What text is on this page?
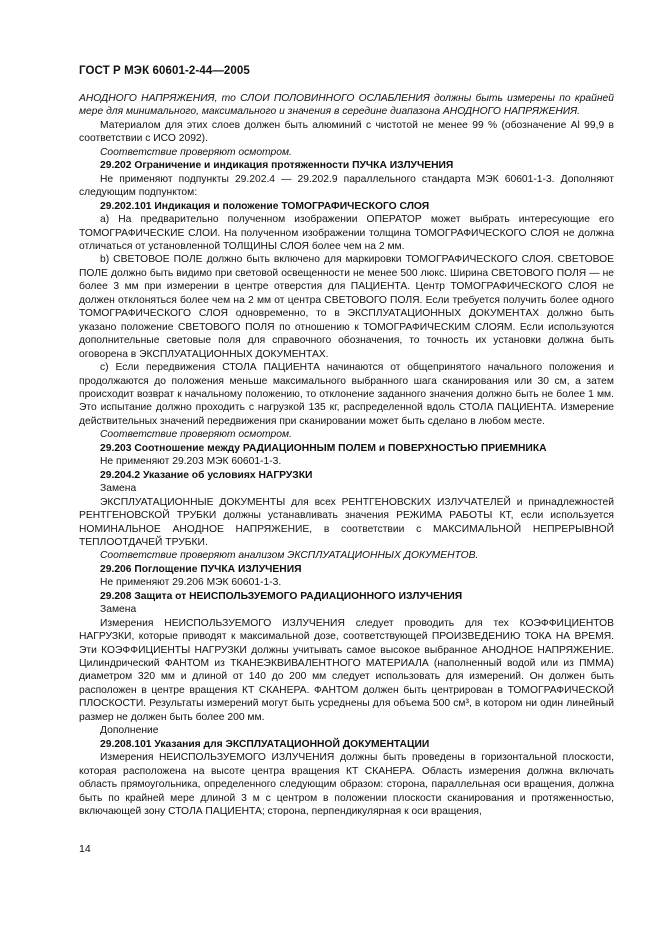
ГОСТ Р МЭК 60601-2-44—2005

АНОДНОГО НАПРЯЖЕНИЯ, то СЛОИ ПОЛОВИННОГО ОСЛАБЛЕНИЯ должны быть измерены по крайней мере для минимального, максимального и значения в середине диапазона АНОДНОГО НАПРЯЖЕНИЯ.

Материалом для этих слоев должен быть алюминий с чистотой не менее 99 % (обозначение Al 99,9 в соответствии с ИСО 2092).

Соответствие проверяют осмотром.

29.202 Ограничение и индикация протяженности ПУЧКА ИЗЛУЧЕНИЯ

Не применяют подпункты 29.202.4 — 29.202.9 параллельного стандарта МЭК 60601-1-3. Дополняют следующим подпунктом:

29.202.101 Индикация и положение ТОМОГРАФИЧЕСКОГО СЛОЯ

a) На предварительно полученном изображении ОПЕРАТОР может выбрать интересующие его ТОМОГРАФИЧЕСКИЕ СЛОИ. На полученном изображении толщина ТОМОГРАФИЧЕСКОГО СЛОЯ не должна отличаться от установленной ТОЛЩИНЫ СЛОЯ более чем на 2 мм.

b) СВЕТОВОЕ ПОЛЕ должно быть включено для маркировки ТОМОГРАФИЧЕСКОГО СЛОЯ. СВЕТОВОЕ ПОЛЕ должно быть видимо при световой освещенности не менее 500 люкс. Ширина СВЕТОВОГО ПОЛЯ — не более 3 мм при измерении в центре отверстия для ПАЦИЕНТА. Центр ТОМОГРАФИЧЕСКОГО СЛОЯ не должен отклоняться более чем на 2 мм от центра СВЕТОВОГО ПОЛЯ. Если требуется получить более одного ТОМОГРАФИЧЕСКОГО СЛОЯ одновременно, то в ЭКСПЛУАТАЦИОННЫХ ДОКУМЕНТАХ должно быть указано положение СВЕТОВОГО ПОЛЯ по отношению к ТОМОГРАФИЧЕСКИМ СЛОЯМ. Если используются дополнительные световые поля для справочного обозначения, то точность их установки должна быть оговорена в ЭКСПЛУАТАЦИОННЫХ ДОКУМЕНТАХ.

c) Если передвижения СТОЛА ПАЦИЕНТА начинаются от общепринятого начального положения и продолжаются до положения меньше максимального выбранного шага сканирования или 30 см, а затем происходит возврат к начальному положению, то отклонение заданного значения должно быть не более 1 мм. Это испытание должно проходить с нагрузкой 135 кг, распределенной вдоль СТОЛА ПАЦИЕНТА. Измерение действительных значений передвижения при сканировании может быть сделано в любом месте.

Соответствие проверяют осмотром.

29.203 Соотношение между РАДИАЦИОННЫМ ПОЛЕМ и ПОВЕРХНОСТЬЮ ПРИЕМНИКА

Не применяют 29.203 МЭК 60601-1-3.

29.204.2 Указание об условиях НАГРУЗКИ

Замена

ЭКСПЛУАТАЦИОННЫЕ ДОКУМЕНТЫ для всех РЕНТГЕНОВСКИХ ИЗЛУЧАТЕЛЕЙ и принадлежностей РЕНТГЕНОВСКОЙ ТРУБКИ должны устанавливать значения РЕЖИМА РАБОТЫ КТ, если используется НОМИНАЛЬНОЕ АНОДНОЕ НАПРЯЖЕНИЕ, в соответствии с МАКСИМАЛЬНОЙ НЕПРЕРЫВНОЙ ТЕПЛООТДАЧЕЙ ТРУБКИ.

Соответствие проверяют анализом ЭКСПЛУАТАЦИОННЫХ ДОКУМЕНТОВ.

29.206 Поглощение ПУЧКА ИЗЛУЧЕНИЯ

Не применяют 29.206 МЭК 60601-1-3.

29.208 Защита от НЕИСПОЛЬЗУЕМОГО РАДИАЦИОННОГО ИЗЛУЧЕНИЯ

Замена

Измерения НЕИСПОЛЬЗУЕМОГО ИЗЛУЧЕНИЯ следует проводить для тех КОЭФФИЦИЕНТОВ НАГРУЗКИ, которые приводят к максимальной дозе, соответствующей ПРОИЗВЕДЕНИЮ ТОКА НА ВРЕМЯ. Эти КОЭФФИЦИЕНТЫ НАГРУЗКИ должны учитывать самое высокое выбранное АНОДНОЕ НАПРЯЖЕНИЕ. Цилиндрический ФАНТОМ из ТКАНЕЭКВИВАЛЕНТНОГО МАТЕРИАЛА (наполненный водой или из ПММА) диаметром 320 мм и длиной от 140 до 200 мм следует использовать для измерений. Он должен быть расположен в центре вращения КТ СКАНЕРА. ФАНТОМ должен быть центрирован в ТОМОГРАФИЧЕСКОЙ ПЛОСКОСТИ. Результаты измерений могут быть усреднены для объема 500 см³, в котором ни один линейный размер не должен быть более 200 мм.

Дополнение

29.208.101 Указания для ЭКСПЛУАТАЦИОННОЙ ДОКУМЕНТАЦИИ

Измерения НЕИСПОЛЬЗУЕМОГО ИЗЛУЧЕНИЯ должны быть проведены в горизонтальной плоскости, которая расположена на высоте центра вращения КТ СКАНЕРА. Область измерения должна включать область прямоугольника, определенного следующим образом: сторона, параллельная оси вращения, должна быть по крайней мере длиной 3 м с центром в положении плоскости сканирования и протяженностью, включающей зону СТОЛА ПАЦИЕНТА; сторона, перпендикулярная к оси вращения,

14
